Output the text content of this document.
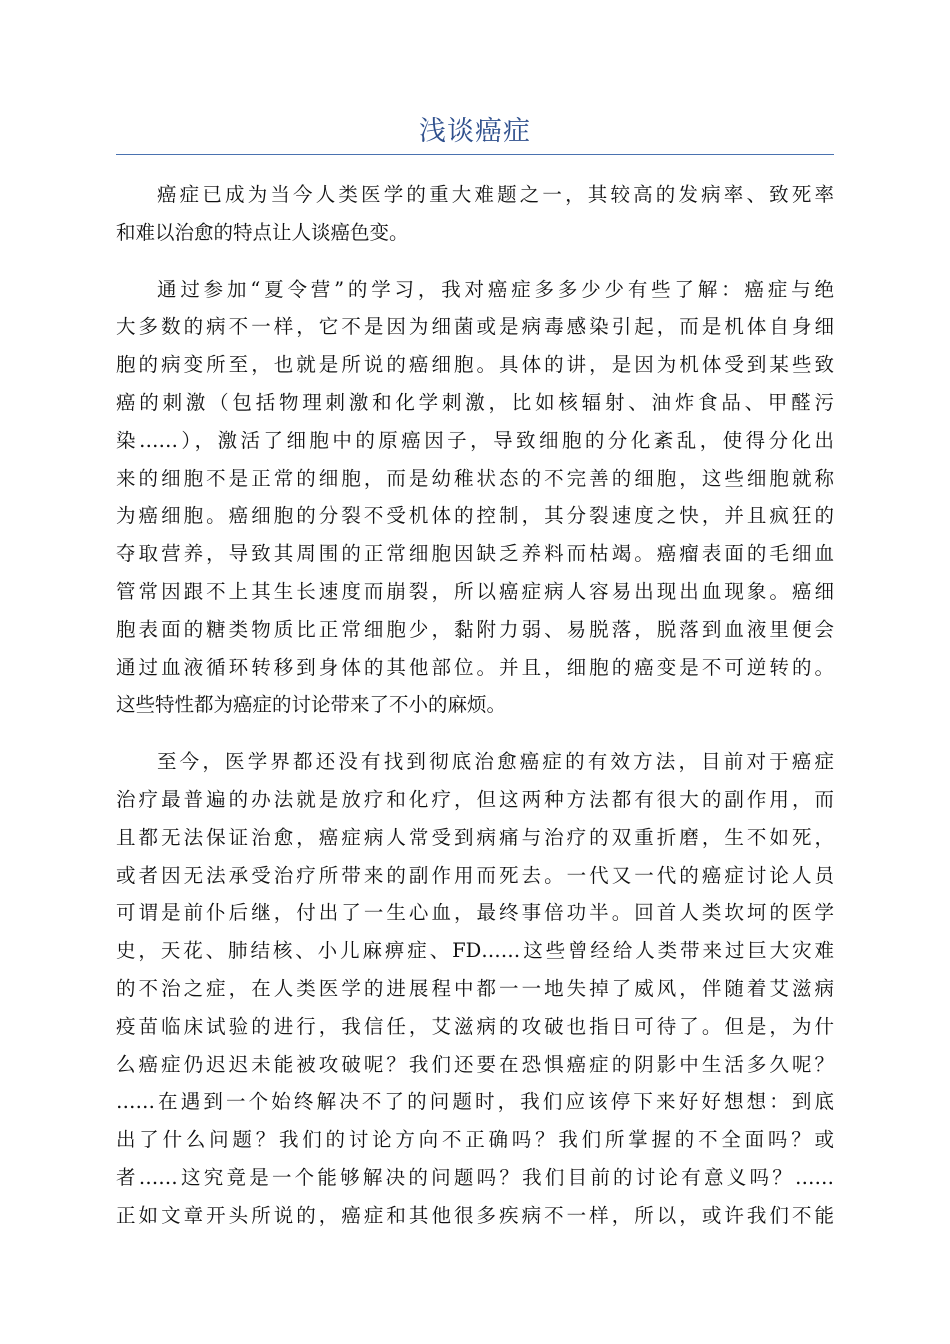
浅谈癌症
癌症已成为当今人类医学的重大难题之一，其较高的发病率、致死率
和难以治愈的特点让人谈癌色变。
通过参加“夏令营”的学习，我对癌症多多少少有些了解：癌症与绝
大多数的病不一样，它不是因为细菌或是病毒感染引起，而是机体自身细
胞的病变所至，也就是所说的癌细胞。具体的讲，是因为机体受到某些致
癌的刺激（包括物理刺激和化学刺激，比如核辐射、油炸食品、甲醛污
染……），激活了细胞中的原癌因子，导致细胞的分化紊乱，使得分化出
来的细胞不是正常的细胞，而是幼稚状态的不完善的细胞，这些细胞就称
为癌细胞。癌细胞的分裂不受机体的控制，其分裂速度之快，并且疯狂的
夺取营养，导致其周围的正常细胞因缺乏养料而枯竭。癌瘤表面的毛细血
管常因跟不上其生长速度而崩裂，所以癌症病人容易出现出血现象。癌细
胞表面的糖类物质比正常细胞少，黏附力弱、易脱落，脱落到血液里便会
通过血液循环转移到身体的其他部位。并且，细胞的癌变是不可逆转的。
这些特性都为癌症的讨论带来了不小的麻烦。
至今，医学界都还没有找到彻底治愈癌症的有效方法，目前对于癌症
治疗最普遍的办法就是放疗和化疗，但这两种方法都有很大的副作用，而
且都无法保证治愈，癌症病人常受到病痛与治疗的双重折磨，生不如死，
或者因无法承受治疗所带来的副作用而死去。一代又一代的癌症讨论人员
可谓是前仆后继，付出了一生心血，最终事倍功半。回首人类坎坷的医学
史，天花、肺结核、小儿麻痹症、FD……这些曾经给人类带来过巨大灾难
的不治之症，在人类医学的进展程中都一一地失掉了威风，伴随着艾滋病
疫苗临床试验的进行，我信任，艾滋病的攻破也指日可待了。但是，为什
么癌症仍迟迟未能被攻破呢？我们还要在恐惧癌症的阴影中生活多久呢？
……在遇到一个始终解决不了的问题时，我们应该停下来好好想想：到底
出了什么问题？我们的讨论方向不正确吗？我们所掌握的不全面吗？或
者……这究竟是一个能够解决的问题吗？我们目前的讨论有意义吗？……
正如文章开头所说的，癌症和其他很多疾病不一样，所以，或许我们不能
